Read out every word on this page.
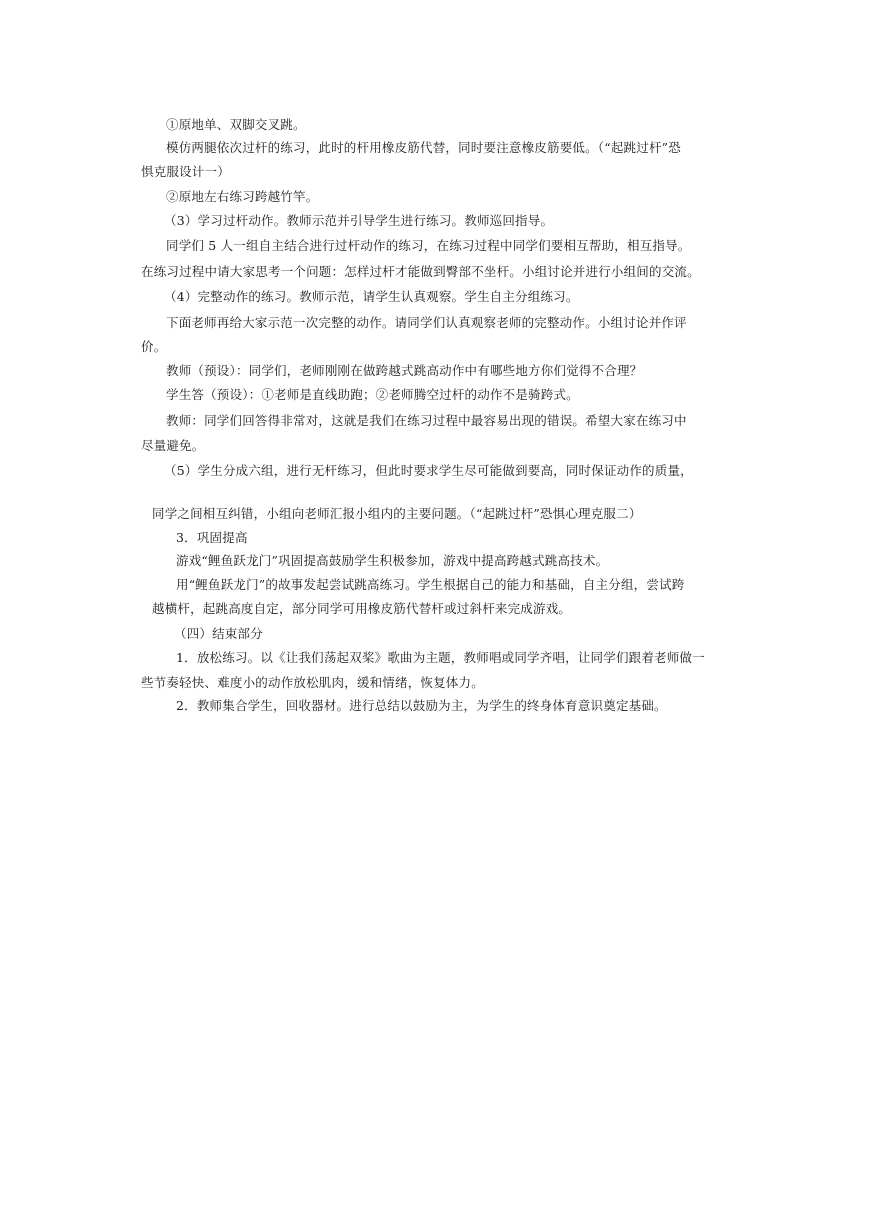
①原地单、双脚交叉跳。
模仿两腿依次过杆的练习，此时的杆用橡皮筋代替，同时要注意橡皮筋要低。（“起跳过杆”恐
惧克服设计一）
②原地左右练习跨越竹竿。
（3）学习过杆动作。教师示范并引导学生进行练习。教师巡回指导。
同学们 5 人一组自主结合进行过杆动作的练习，在练习过程中同学们要相互帮助，相互指导。
在练习过程中请大家思考一个问题：怎样过杆才能做到臀部不坐杆。小组讨论并进行小组间的交流。
（4）完整动作的练习。教师示范，请学生认真观察。学生自主分组练习。
下面老师再给大家示范一次完整的动作。请同学们认真观察老师的完整动作。小组讨论并作评
价。
教师（预设）：同学们，老师刚刚在做跨越式跳高动作中有哪些地方你们觉得不合理？
学生答（预设）：①老师是直线助跑；②老师腾空过杆的动作不是骑跨式。
教师：同学们回答得非常对，这就是我们在练习过程中最容易出现的错误。希望大家在练习中
尽量避免。
（5）学生分成六组，进行无杆练习，但此时要求学生尽可能做到要高，同时保证动作的质量，
同学之间相互纠错，小组向老师汇报小组内的主要问题。（“起跳过杆”恐惧心理克服二）
3．巩固提高
游戏“鲤鱼跃龙门”巩固提高鼓励学生积极参加，游戏中提高跨越式跳高技术。
用“鲤鱼跃龙门”的故事发起尝试跳高练习。学生根据自己的能力和基础，自主分组，尝试跨
越横杆，起跳高度自定，部分同学可用橡皮筋代替杆或过斜杆来完成游戏。
（四）结束部分
1．放松练习。以《让我们荡起双桨》歌曲为主题，教师唱或同学齐唱，让同学们跟着老师做一
些节奏轻快、难度小的动作放松肌肉，缓和情绪，恢复体力。
2．教师集合学生，回收器材。进行总结以鼓励为主，为学生的终身体育意识奠定基础。
